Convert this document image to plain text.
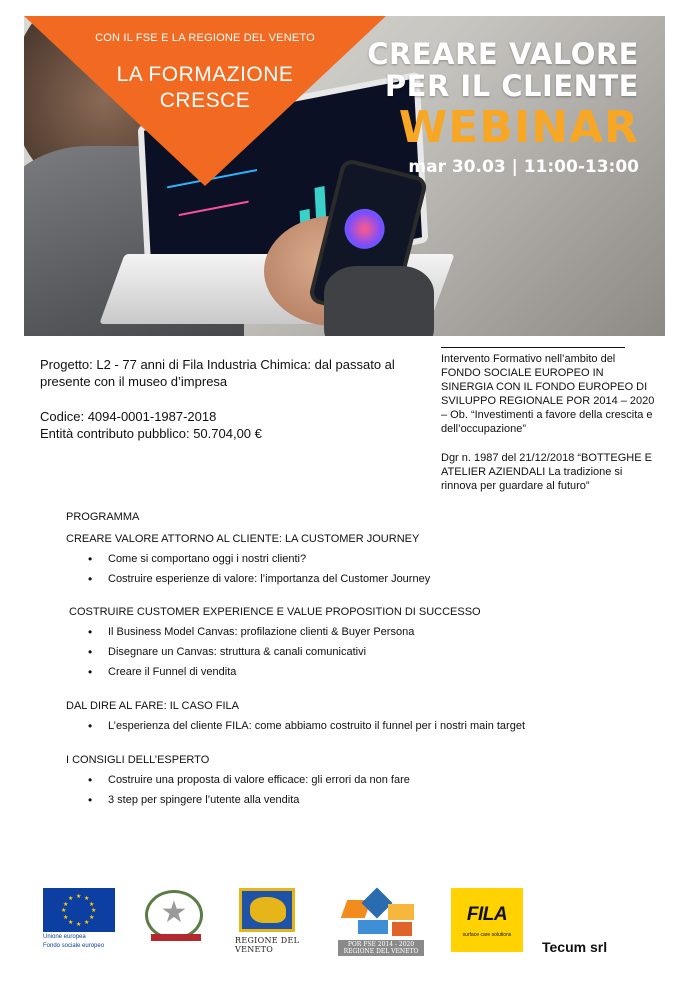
CON IL FSE E LA REGIONE DEL VENETO
LA FORMAZIONE
CRESCE
CREARE VALORE
PER IL CLIENTE
WEBINAR
mar 30.03 | 11:00-13:00

Progetto: L2 - 77 anni di Fila Industria Chimica: dal passato al presente con il museo d’impresa

Codice: 4094-0001-1987-2018

Entità contributo pubblico: 50.704,00 €

Intervento Formativo nell’ambito del FONDO SOCIALE EUROPEO IN SINERGIA CON IL FONDO EUROPEO DI SVILUPPO REGIONALE POR 2014 – 2020 – Ob. “Investimenti a favore della crescita e dell’occupazione”

Dgr n. 1987 del 21/12/2018 “BOTTEGHE E ATELIER AZIENDALI La tradizione si rinnova per guardare al futuro”

PROGRAMMA

CREARE VALORE ATTORNO AL CLIENTE: LA CUSTOMER JOURNEY

• Come si comportano oggi i nostri clienti?
• Costruire esperienze di valore: l’importanza del Customer Journey

COSTRUIRE CUSTOMER EXPERIENCE E VALUE PROPOSITION DI SUCCESSO

• Il Business Model Canvas: profilazione clienti & Buyer Persona
• Disegnare un Canvas: struttura & canali comunicativi
• Creare il Funnel di vendita

DAL DIRE AL FARE: IL CASO FILA

• L’esperienza del cliente FILA: come abbiamo costruito il funnel per i nostri main target

I CONSIGLI DELL’ESPERTO

• Costruire una proposta di valore efficace: gli errori da non fare
• 3 step per spingere l’utente alla vendita
★ ★
★
★
★
★
★
★
★
★
★
★
Unione europea
Fondo sociale europeo
★
REGIONE DEL VENETO
POR FSE 2014 - 2020
REGIONE DEL VENETO
FILA
surface care solutions
Tecum srl
